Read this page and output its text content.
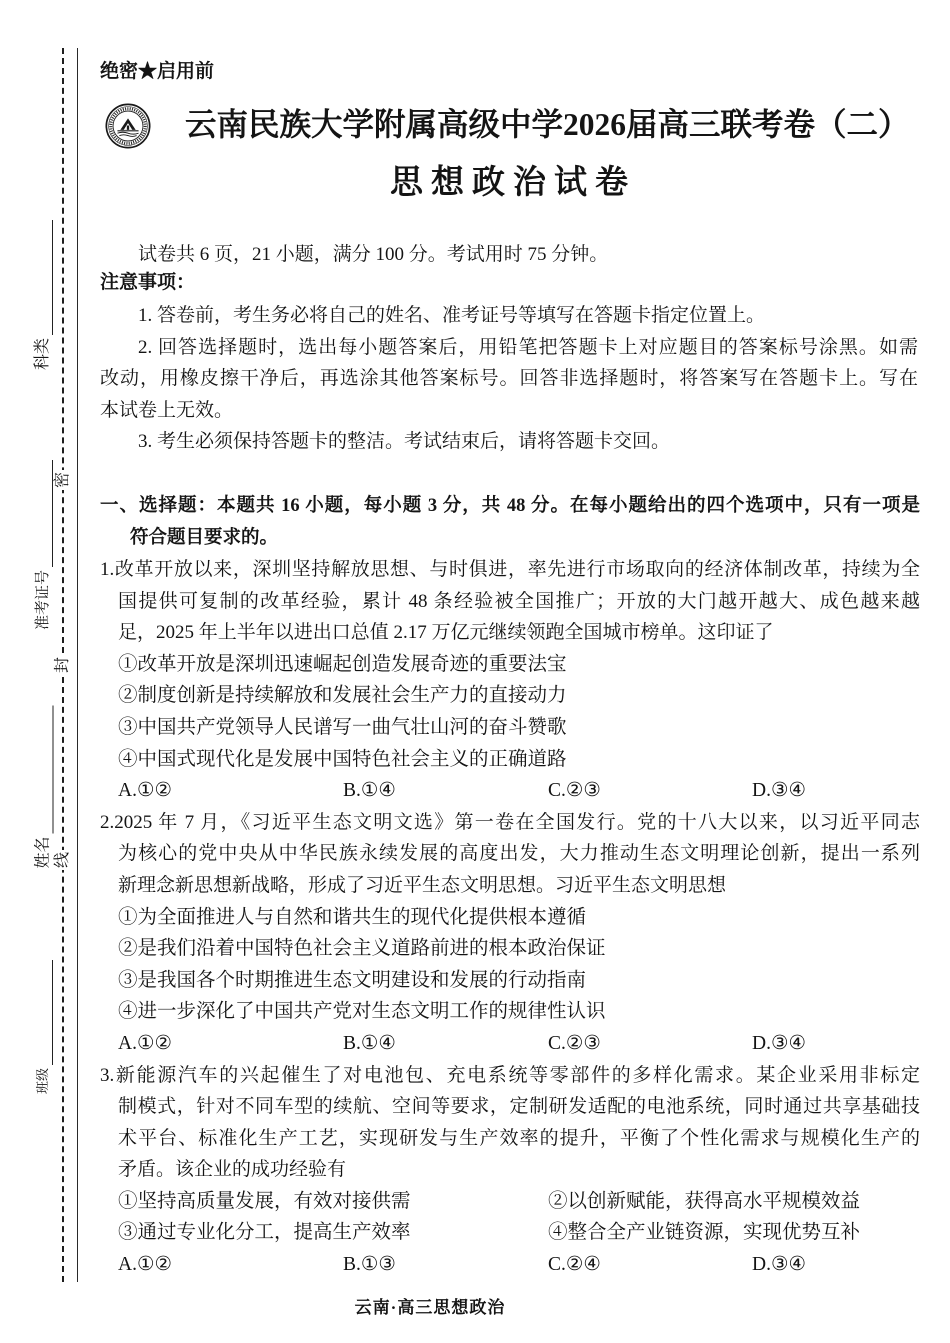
科类
准考证号
姓名
班级
密
封
线
绝密★启用前
云南民族大学附属高级中学2026届高三联考卷（二）
思想政治试卷
试卷共 6 页，21 小题，满分 100 分。考试用时 75 分钟。
注意事项：
1. 答卷前，考生务必将自己的姓名、准考证号等填写在答题卡指定位置上。
2. 回答选择题时，选出每小题答案后，用铅笔把答题卡上对应题目的答案标号涂黑。如需
改动，用橡皮擦干净后，再选涂其他答案标号。回答非选择题时，将答案写在答题卡上。写在
本试卷上无效。
3. 考生必须保持答题卡的整洁。考试结束后，请将答题卡交回。
一、选择题：本题共 16 小题，每小题 3 分，共 48 分。在每小题给出的四个选项中，只有一项是
符合题目要求的。
1.改革开放以来，深圳坚持解放思想、与时俱进，率先进行市场取向的经济体制改革，持续为全
国提供可复制的改革经验，累计 48 条经验被全国推广；开放的大门越开越大、成色越来越
足，2025 年上半年以进出口总值 2.17 万亿元继续领跑全国城市榜单。这印证了
①改革开放是深圳迅速崛起创造发展奇迹的重要法宝
②制度创新是持续解放和发展社会生产力的直接动力
③中国共产党领导人民谱写一曲气壮山河的奋斗赞歌
④中国式现代化是发展中国特色社会主义的正确道路
A.①②	B.①④	C.②③	D.③④
2.2025 年 7 月，《习近平生态文明文选》第一卷在全国发行。党的十八大以来，以习近平同志
为核心的党中央从中华民族永续发展的高度出发，大力推动生态文明理论创新，提出一系列
新理念新思想新战略，形成了习近平生态文明思想。习近平生态文明思想
①为全面推进人与自然和谐共生的现代化提供根本遵循
②是我们沿着中国特色社会主义道路前进的根本政治保证
③是我国各个时期推进生态文明建设和发展的行动指南
④进一步深化了中国共产党对生态文明工作的规律性认识
A.①②	B.①④	C.②③	D.③④
3.新能源汽车的兴起催生了对电池包、充电系统等零部件的多样化需求。某企业采用非标定
制模式，针对不同车型的续航、空间等要求，定制研发适配的电池系统，同时通过共享基础技
术平台、标准化生产工艺，实现研发与生产效率的提升，平衡了个性化需求与规模化生产的
矛盾。该企业的成功经验有
①坚持高质量发展，有效对接供需	②以创新赋能，获得高水平规模效益
③通过专业化分工，提高生产效率	④整合全产业链资源，实现优势互补
A.①②	B.①③	C.②④	D.③④
云南·高三思想政治
